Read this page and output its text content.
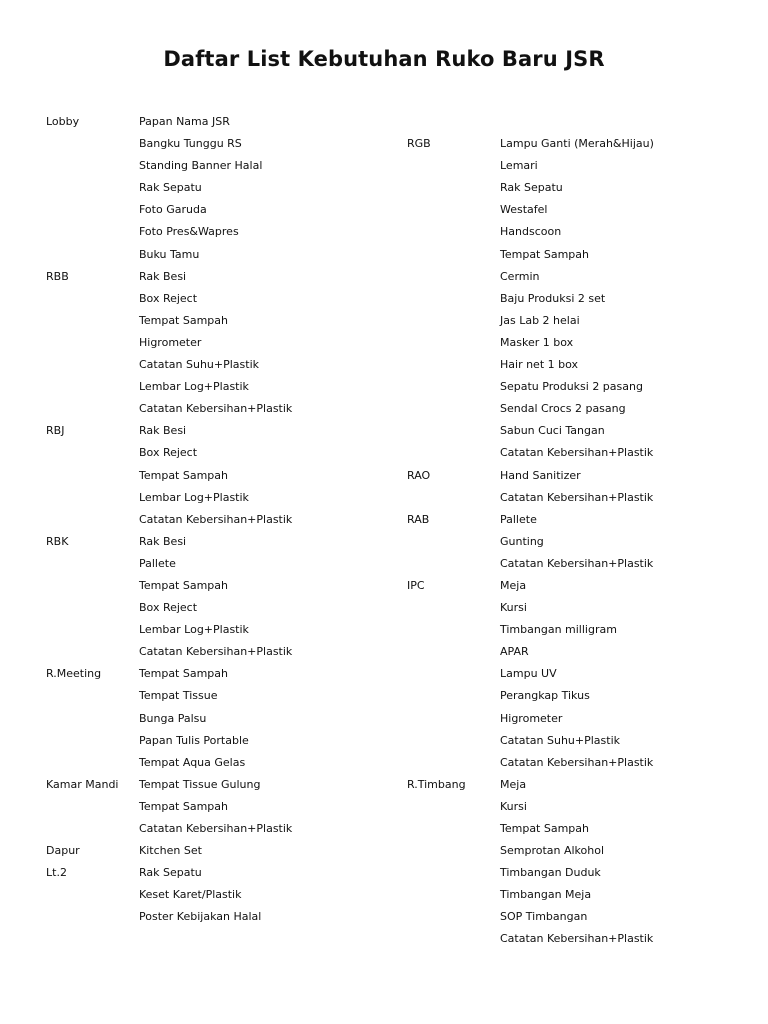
Daftar List Kebutuhan Ruko Baru JSR
Lobby
RBB
RBJ
RBK
R.Meeting
Kamar Mandi
Dapur
Lt.2
Papan Nama JSR
Bangku Tunggu RS
Standing Banner Halal
Rak Sepatu
Foto Garuda
Foto Pres&Wapres
Buku Tamu
Rak Besi
Box Reject
Tempat Sampah
Higrometer
Catatan Suhu+Plastik
Lembar Log+Plastik
Catatan Kebersihan+Plastik
Rak Besi
Box Reject
Tempat Sampah
Lembar Log+Plastik
Catatan Kebersihan+Plastik
Rak Besi
Pallete
Tempat Sampah
Box Reject
Lembar Log+Plastik
Catatan Kebersihan+Plastik
Tempat Sampah
Tempat Tissue
Bunga Palsu
Papan Tulis Portable
Tempat Aqua Gelas
Tempat Tissue Gulung
Tempat Sampah
Catatan Kebersihan+Plastik
Kitchen Set
Rak Sepatu
Keset Karet/Plastik
Poster Kebijakan Halal
RGB
RAO
RAB
IPC
R.Timbang
Lampu Ganti (Merah&Hijau)
Lemari
Rak Sepatu
Westafel
Handscoon
Tempat Sampah
Cermin
Baju Produksi 2 set
Jas Lab 2 helai
Masker 1 box
Hair net 1 box
Sepatu Produksi 2 pasang
Sendal Crocs 2 pasang
Sabun Cuci Tangan
Catatan Kebersihan+Plastik
Hand Sanitizer
Catatan Kebersihan+Plastik
Pallete
Gunting
Catatan Kebersihan+Plastik
Meja
Kursi
Timbangan milligram
APAR
Lampu UV
Perangkap Tikus
Higrometer
Catatan Suhu+Plastik
Catatan Kebersihan+Plastik
Meja
Kursi
Tempat Sampah
Semprotan Alkohol
Timbangan Duduk
Timbangan Meja
SOP Timbangan
Catatan Kebersihan+Plastik
